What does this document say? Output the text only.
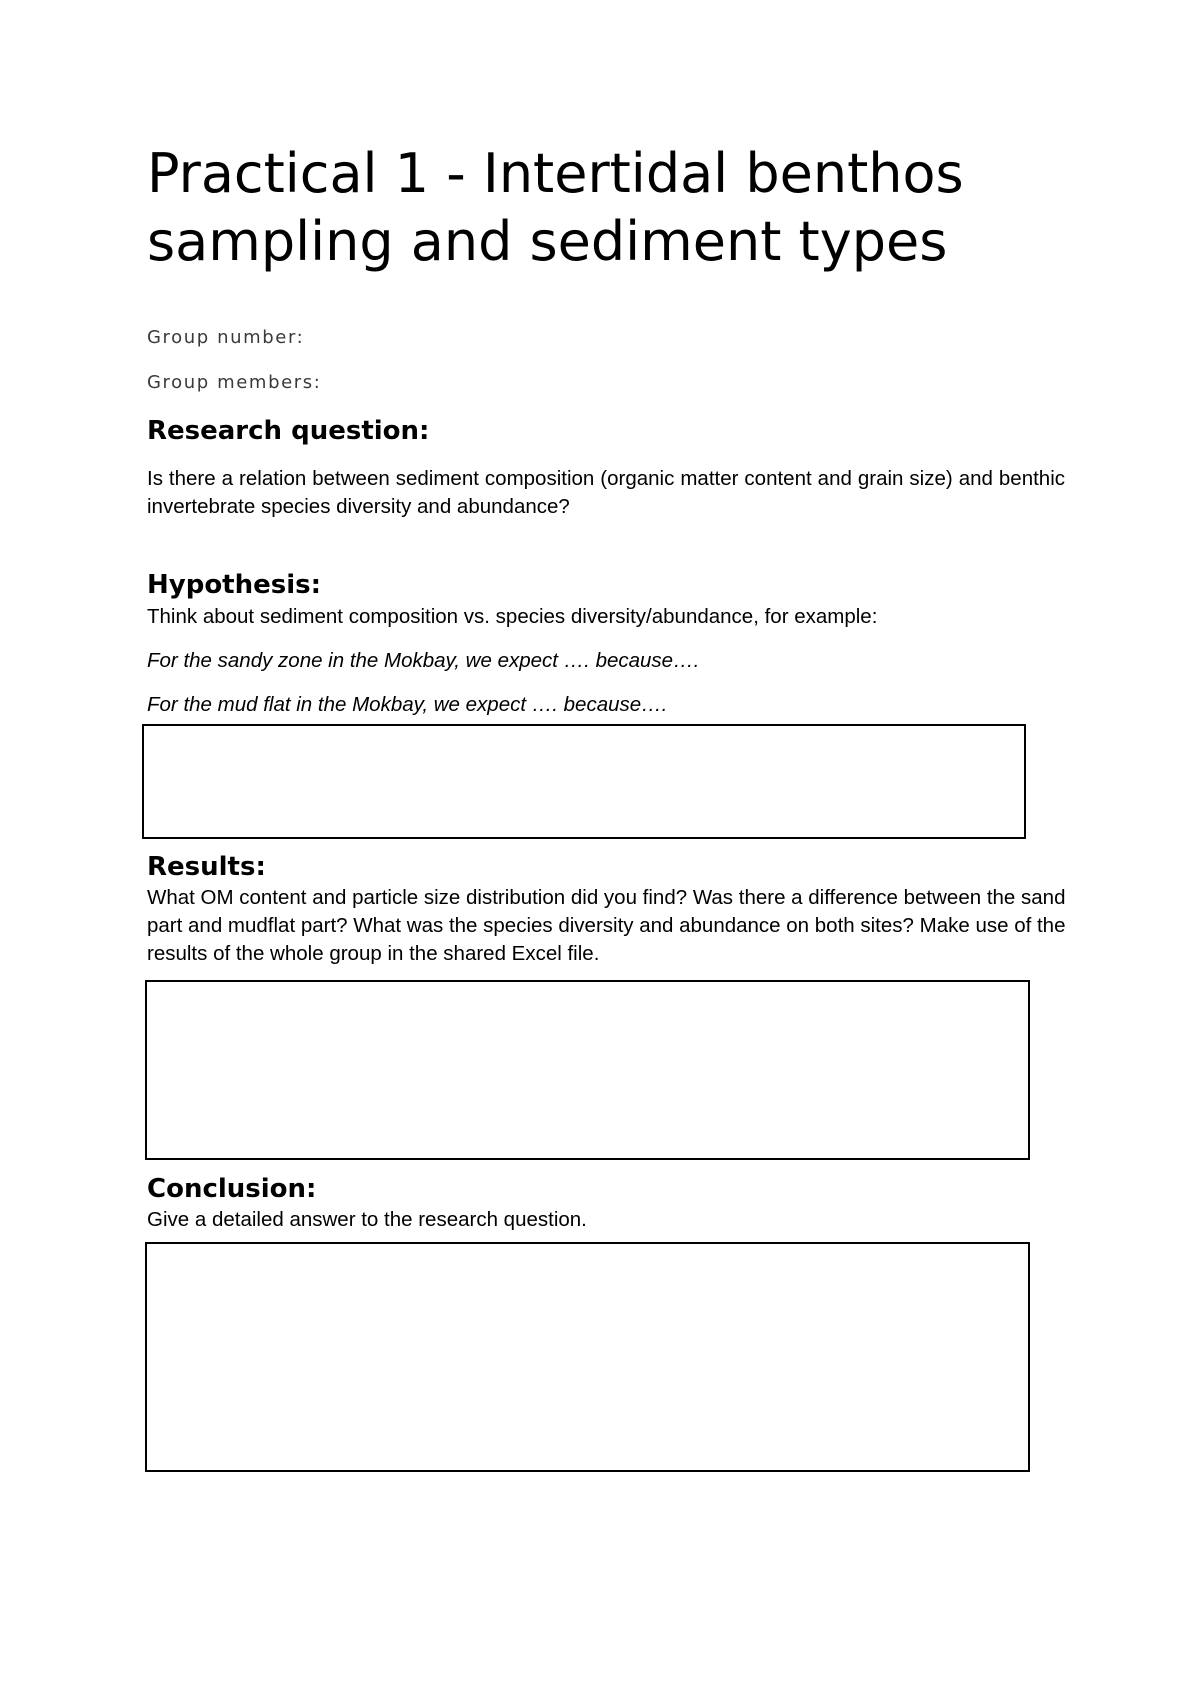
Practical 1 - Intertidal benthos sampling and sediment types

Group number:

Group members:

Research question:

Is there a relation between sediment composition (organic matter content and grain size) and benthic invertebrate species diversity and abundance?

Hypothesis:

Think about sediment composition vs. species diversity/abundance, for example:

For the sandy zone in the Mokbay, we expect …. because….

For the mud flat in the Mokbay, we expect …. because….

Results:

What OM content and particle size distribution did you find? Was there a difference between the sand part and mudflat part? What was the species diversity and abundance on both sites? Make use of the results of the whole group in the shared Excel file.

Conclusion:

Give a detailed answer to the research question.
